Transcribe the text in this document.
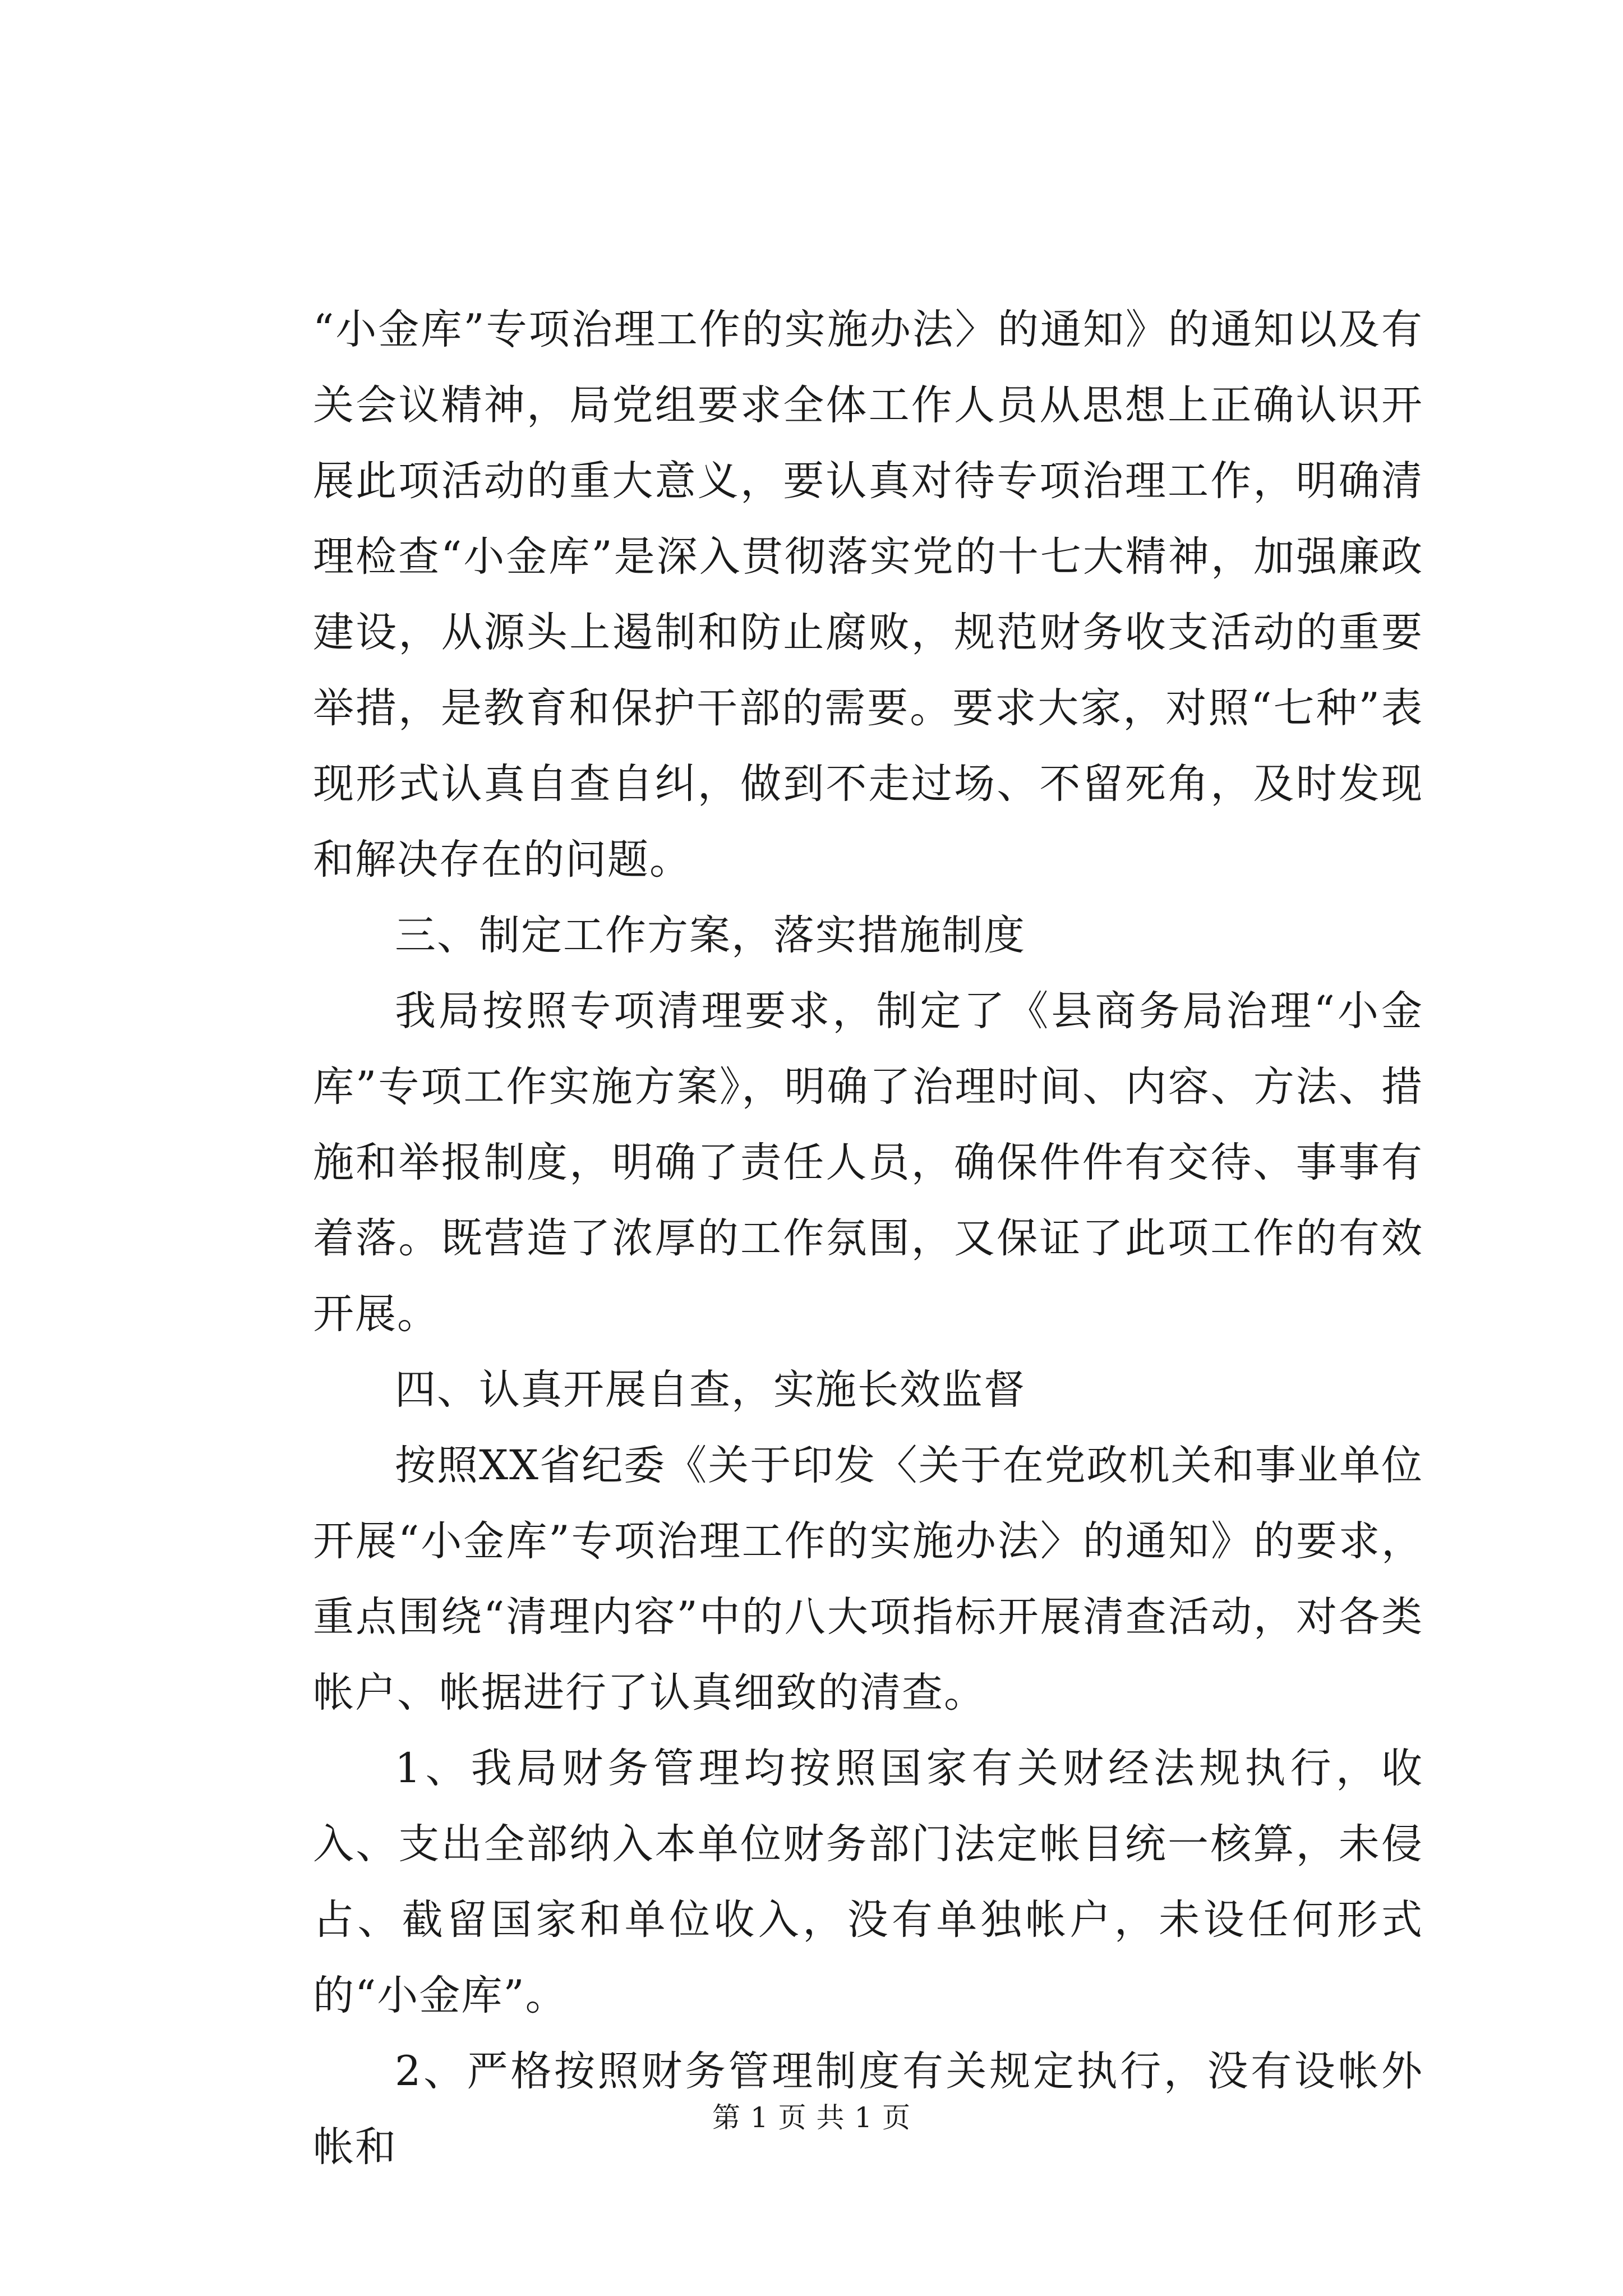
“小金库”专项治理工作的实施办法〉的通知》的通知以及有关会议精神，局党组要求全体工作人员从思想上正确认识开展此项活动的重大意义，要认真对待专项治理工作，明确清理检查“小金库”是深入贯彻落实党的十七大精神，加强廉政建设，从源头上遏制和防止腐败，规范财务收支活动的重要举措，是教育和保护干部的需要。要求大家，对照“七种”表现形式认真自查自纠，做到不走过场、不留死角，及时发现和解决存在的问题。

三、制定工作方案，落实措施制度

我局按照专项清理要求，制定了《县商务局治理“小金库”专项工作实施方案》，明确了治理时间、内容、方法、措施和举报制度，明确了责任人员，确保件件有交待、事事有着落。既营造了浓厚的工作氛围，又保证了此项工作的有效开展。

四、认真开展自查，实施长效监督

按照XX省纪委《关于印发〈关于在党政机关和事业单位开展“小金库”专项治理工作的实施办法〉的通知》的要求，重点围绕“清理内容”中的八大项指标开展清查活动，对各类帐户、帐据进行了认真细致的清查。

1、我局财务管理均按照国家有关财经法规执行，收入、支出全部纳入本单位财务部门法定帐目统一核算，未侵占、截留国家和单位收入，没有单独帐户，未设任何形式的“小金库”。

2、严格按照财务管理制度有关规定执行，没有设帐外帐和

第 1 页 共 1 页
